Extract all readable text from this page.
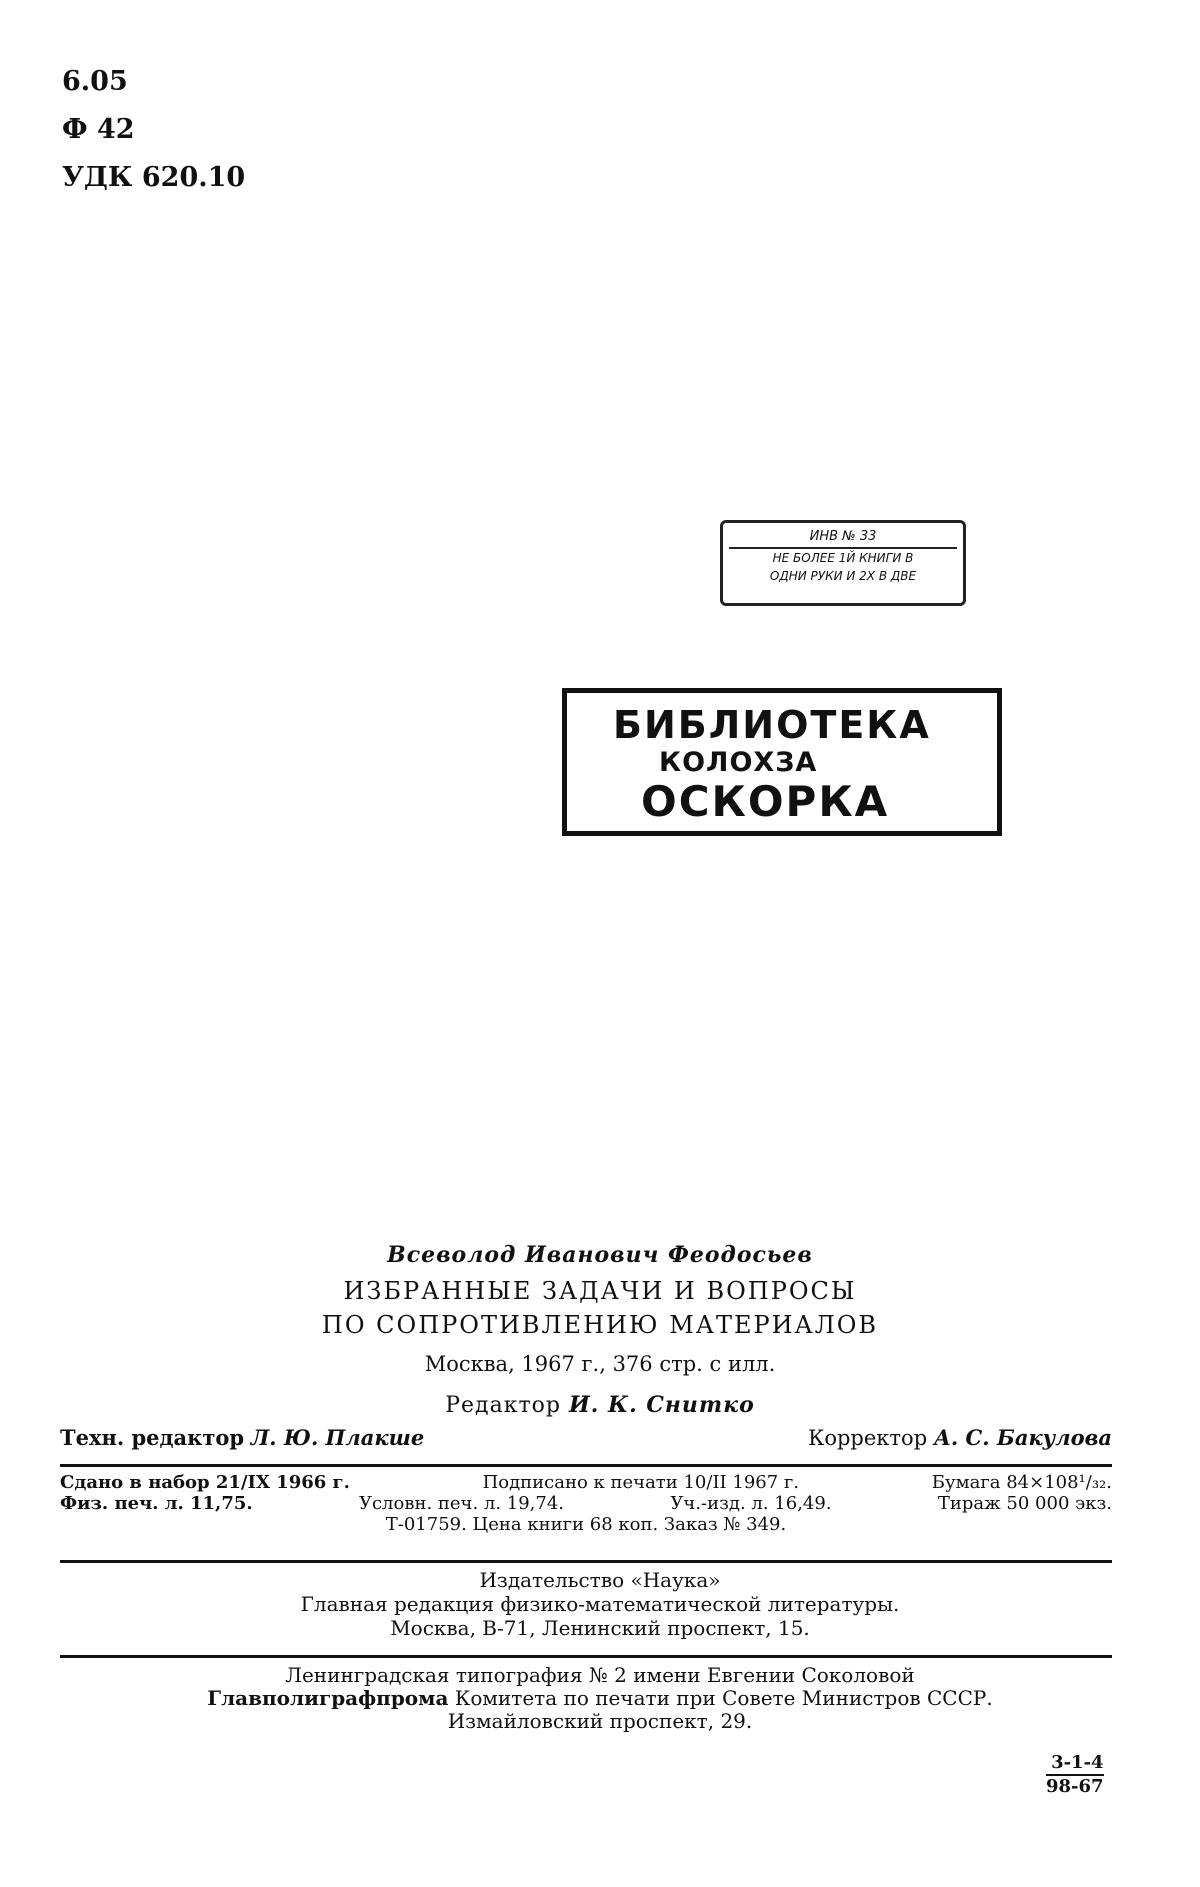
6.05
Ф 42
УДК 620.10
ИНВ № 33
НЕ БОЛЕЕ 1Й КНИГИ В
ОДНИ РУКИ И 2Х В ДВЕ
БИБЛИОТЕКА
КОЛОХЗА
ОСКОРКА
Всеволод Иванович Феодосьев
ИЗБРАННЫЕ ЗАДАЧИ И ВОПРОСЫ
ПО СОПРОТИВЛЕНИЮ МАТЕРИАЛОВ
Москва, 1967 г., 376 стр. с илл.
Редактор И. К. Снитко
Техн. редактор Л. Ю. Плакше	Корректор А. С. Бакулова
Сдано в набор 21/IX 1966 г.	Подписано к печати 10/II 1967 г.	Бумага 84×108¹/₃₂.
Физ. печ. л. 11,75.	Условн. печ. л. 19,74.	Уч.-изд. л. 16,49.	Тираж 50 000 экз.
Т-01759. Цена книги 68 коп. Заказ № 349.
Издательство «Наука»
Главная редакция физико-математической литературы.
Москва, В-71, Ленинский проспект, 15.
Ленинградская типография № 2 имени Евгении Соколовой
Главполиграфпрома Комитета по печати при Совете Министров СССР.
Измайловский проспект, 29.
3-1-4
98-67
